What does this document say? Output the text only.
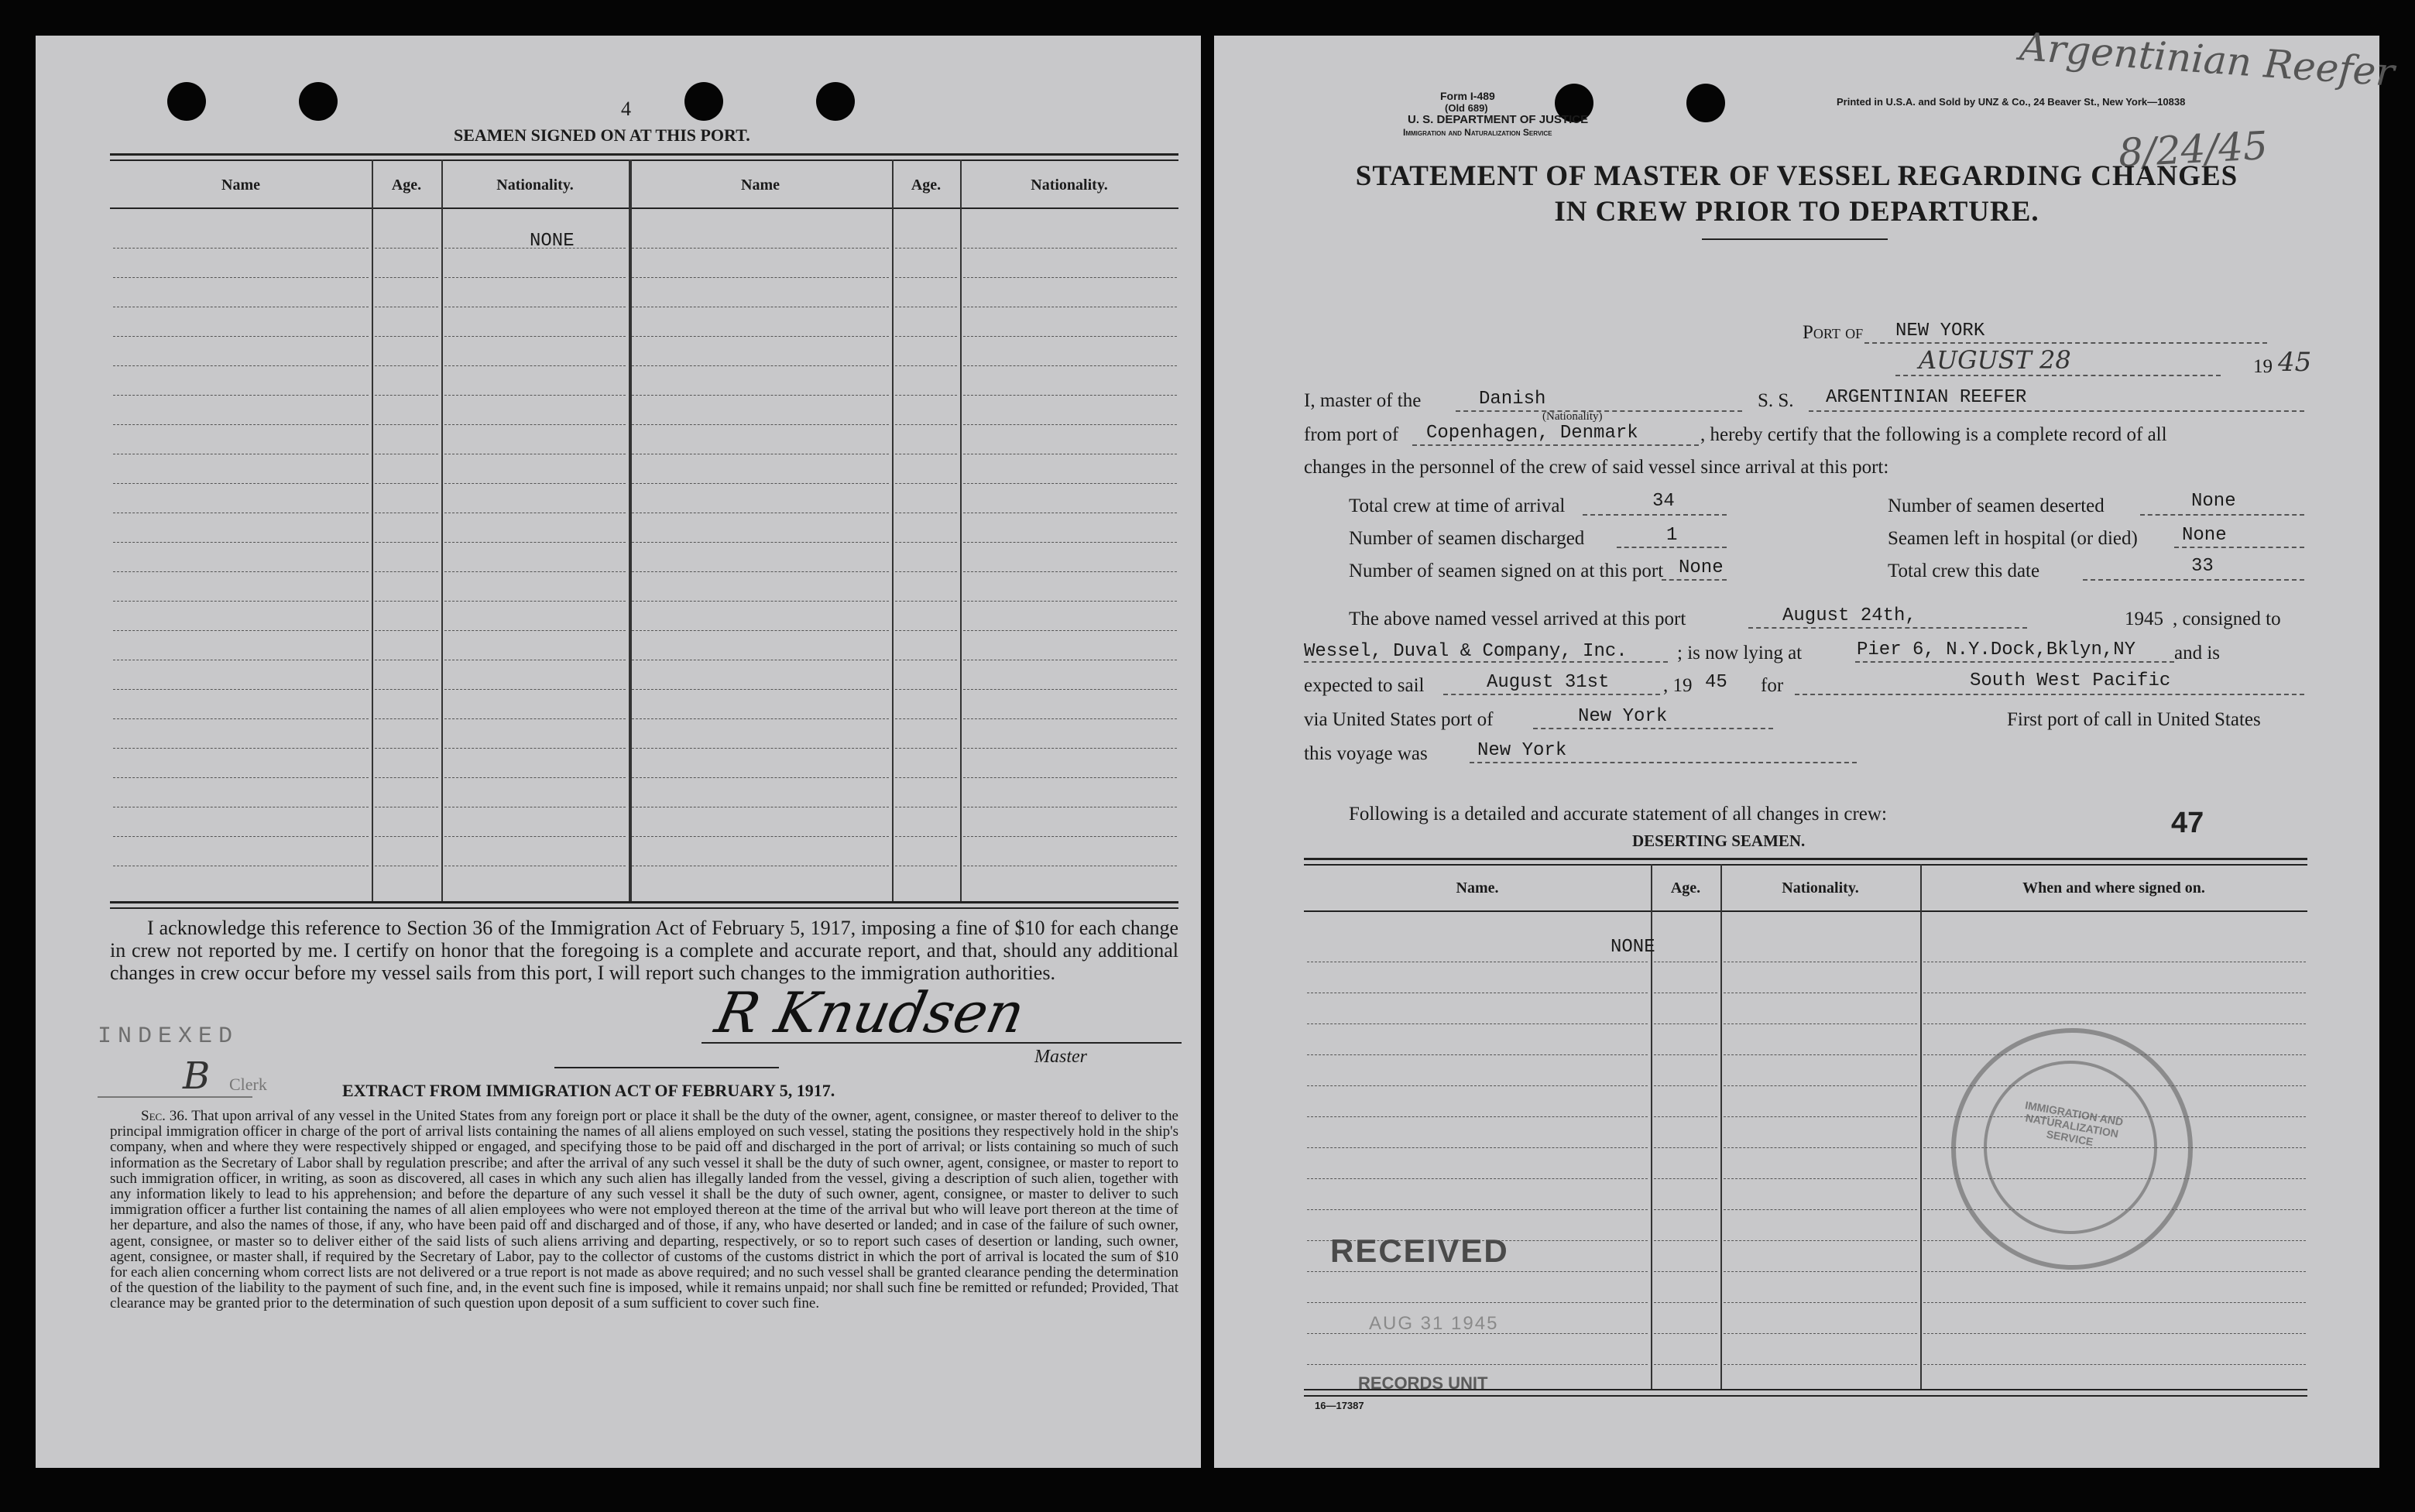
4
SEAMEN SIGNED ON AT THIS PORT.
Name	Age.	Nationality.	Name	Age.	Nationality.
NONE
I acknowledge this reference to Section 36 of the Immigration Act of February 5, 1917, imposing a fine of $10 for each change in crew not reported by me. I certify on honor that the foregoing is a complete and accurate report, and that, should any additional changes in crew occur before my vessel sails from this port, I will report such changes to the immigration authorities.
R Knudsen
Master
INDEXED
B Clerk	EXTRACT FROM IMMIGRATION ACT OF FEBRUARY 5, 1917.
Sec. 36. That upon arrival of any vessel in the United States from any foreign port or place it shall be the duty of the owner, agent, consignee, or master thereof to deliver to the principal immigration officer in charge of the port of arrival lists containing the names of all aliens employed on such vessel, stating the positions they respectively hold in the ship's company, when and where they were respectively shipped or engaged, and specifying those to be paid off and discharged in the port of arrival; or lists containing so much of such information as the Secretary of Labor shall by regulation prescribe; and after the arrival of any such vessel it shall be the duty of such owner, agent, consignee, or master to report to such immigration officer, in writing, as soon as discovered, all cases in which any such alien has illegally landed from the vessel, giving a description of such alien, together with any information likely to lead to his apprehension; and before the departure of any such vessel it shall be the duty of such owner, agent, consignee, or master to deliver to such immigration officer a further list containing the names of all alien employees who were not employed thereon at the time of the arrival but who will leave port thereon at the time of her departure, and also the names of those, if any, who have been paid off and discharged and of those, if any, who have deserted or landed; and in case of the failure of such owner, agent, consignee, or master so to deliver either of the said lists of such aliens arriving and departing, respectively, or so to report such cases of desertion or landing, such owner, agent, consignee, or master shall, if required by the Secretary of Labor, pay to the collector of customs of the customs district in which the port of arrival is located the sum of $10 for each alien concerning whom correct lists are not delivered or a true report is not made as above required; and no such vessel shall be granted clearance pending the determination of the question of the liability to the payment of such fine, and, in the event such fine is imposed, while it remains unpaid; nor shall such fine be remitted or refunded; Provided, That clearance may be granted prior to the determination of such question upon deposit of a sum sufficient to cover such fine.
Form I-489
(Old 689)
U. S. DEPARTMENT OF JUSTICE
Immigration and Naturalization Service
Printed in U.S.A. and Sold by UNZ & Co., 24 Beaver St., New York—10838
Argentinian Reefer
8/24/45
STATEMENT OF MASTER OF VESSEL REGARDING CHANGES
IN CREW PRIOR TO DEPARTURE.
Port of NEW YORK
AUGUST 28	19 45
I, master of the	Danish
(Nationality)
S. S. ARGENTINIAN REEFER
from port of Copenhagen, Denmark	, hereby certify that the following is a complete record of all
changes in the personnel of the crew of said vessel since arrival at this port:
Total crew at time of arrival	34	Number of seamen deserted	None
Number of seamen discharged	1	Seamen left in hospital (or died) None
Number of seamen signed on at this port None	Total crew this date	33
The above named vessel arrived at this port	August 24th,	1945 , consigned to
Wessel, Duval & Company, Inc.	; is now lying at	Pier 6, N.Y.Dock,Bklyn,NY and is
expected to sail	August 31st	, 19 45 for	South West Pacific
via United States port of	New York	First port of call in United States
this voyage was	New York
Following is a detailed and accurate statement of all changes in crew:	47
DESERTING SEAMEN.
Name.	Age.	Nationality.	When and where signed on.
NONE
IMMIGRATION AND NATURALIZATION SERVICE
RECEIVED
AUG 31 1945
RECORDS UNIT
16—17387
